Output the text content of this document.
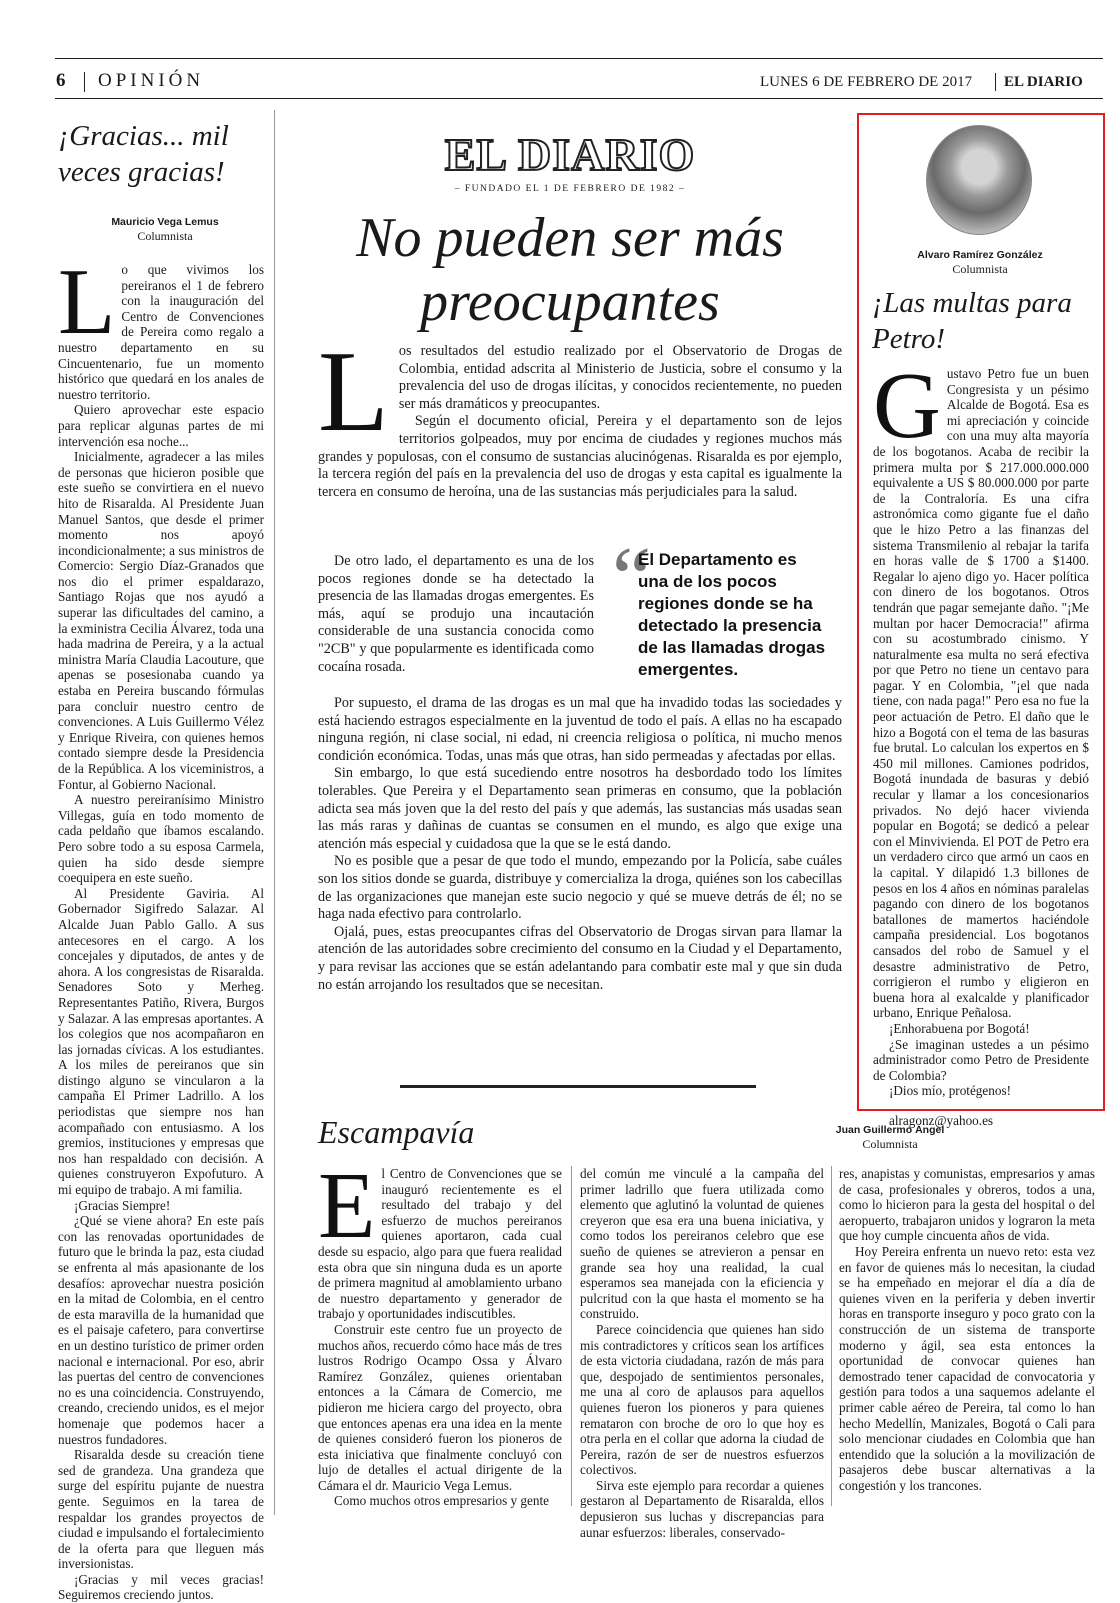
6 OPINIÓN	LUNES 6 DE FEBRERO DE 2017 EL DIARIO
¡Gracias... mil veces gracias!
Mauricio Vega Lemus
Columnista
L o que vivimos los pereiranos el 1 de febrero con la inauguración del Centro de Convenciones de Pereira como regalo a nuestro departamento en su Cincuentenario, fue un momento histórico que quedará en los anales de nuestro territorio.

Quiero aprovechar este espacio para replicar algunas partes de mi intervención esa noche...

Inicialmente, agradecer a las miles de personas que hicieron posible que este sueño se convirtiera en el nuevo hito de Risaralda. Al Presidente Juan Manuel Santos, que desde el primer momento nos apoyó incondicionalmente; a sus ministros de Comercio: Sergio Díaz-Granados que nos dio el primer espaldarazo, Santiago Rojas que nos ayudó a superar las dificultades del camino, a la exministra Cecilia Álvarez, toda una hada madrina de Pereira, y a la actual ministra María Claudia Lacouture, que apenas se posesionaba cuando ya estaba en Pereira buscando fórmulas para concluir nuestro centro de convenciones. A Luis Guillermo Vélez y Enrique Riveira, con quienes hemos contado siempre desde la Presidencia de la República. A los viceministros, a Fontur, al Gobierno Nacional.

A nuestro pereiranísimo Ministro Villegas, guía en todo momento de cada peldaño que íbamos escalando. Pero sobre todo a su esposa Carmela, quien ha sido desde siempre coequipera en este sueño.

Al Presidente Gaviria. Al Gobernador Sigifredo Salazar. Al Alcalde Juan Pablo Gallo. A sus antecesores en el cargo. A los concejales y diputados, de antes y de ahora. A los congresistas de Risaralda. Senadores Soto y Merheg. Representantes Patiño, Rivera, Burgos y Salazar. A las empresas aportantes. A los colegios que nos acompañaron en las jornadas cívicas. A los estudiantes. A los miles de pereiranos que sin distingo alguno se vincularon a la campaña El Primer Ladrillo. A los periodistas que siempre nos han acompañado con entusiasmo. A los gremios, instituciones y empresas que nos han respaldado con decisión. A quienes construyeron Expofuturo. A mi equipo de trabajo. A mi familia.

¡Gracias Siempre!

¿Qué se viene ahora? En este país con las renovadas oportunidades de futuro que le brinda la paz, esta ciudad se enfrenta al más apasionante de los desafíos: aprovechar nuestra posición en la mitad de Colombia, en el centro de esta maravilla de la humanidad que es el paisaje cafetero, para convertirse en un destino turístico de primer orden nacional e internacional. Por eso, abrir las puertas del centro de convenciones no es una coincidencia. Construyendo, creando, creciendo unidos, es el mejor homenaje que podemos hacer a nuestros fundadores.

Risaralda desde su creación tiene sed de grandeza. Una grandeza que surge del espíritu pujante de nuestra gente. Seguimos en la tarea de respaldar los grandes proyectos de ciudad e impulsando el fortalecimiento de la oferta para que lleguen más inversionistas.

¡Gracias y mil veces gracias! Seguiremos creciendo juntos.

EL DIARIO
– FUNDADO EL 1 DE FEBRERO DE 1982 –
No pueden ser más
preocupantes
L os resultados del estudio realizado por el Observatorio de Drogas de Colombia, entidad adscrita al Ministerio de Justicia, sobre el consumo y la prevalencia del uso de drogas ilícitas, y conocidos recientemente, no pueden ser más dramáticos y preocupantes.

Según el documento oficial, Pereira y el departamento son de lejos territorios golpeados, muy por encima de ciudades y regiones muchos más grandes y populosas, con el consumo de sustancias alucinógenas. Risaralda es por ejemplo, la tercera región del país en la prevalencia del uso de drogas y esta capital es igualmente la tercera en consumo de heroína, una de las sustancias más perjudiciales para la salud.

De otro lado, el departamento es una de los pocos regiones donde se ha detectado la presencia de las llamadas drogas emergentes. Es más, aquí se produjo una incautación considerable de una sustancia conocida como "2CB" y que popularmente es identificada como cocaína rosada.

“
El Departamento es una de los pocos regiones donde se ha detectado la presencia de las llamadas drogas emergentes.

Por supuesto, el drama de las drogas es un mal que ha invadido todas las sociedades y está haciendo estragos especialmente en la juventud de todo el país. A ellas no ha escapado ninguna región, ni clase social, ni edad, ni creencia religiosa o política, ni mucho menos condición económica. Todas, unas más que otras, han sido permeadas y afectadas por ellas.

Sin embargo, lo que está sucediendo entre nosotros ha desbordado todo los límites tolerables. Que Pereira y el Departamento sean primeras en consumo, que la población adicta sea más joven que la del resto del país y que además, las sustancias más usadas sean las más raras y dañinas de cuantas se consumen en el mundo, es algo que exige una atención más especial y cuidadosa que la que se le está dando.

No es posible que a pesar de que todo el mundo, empezando por la Policía, sabe cuáles son los sitios donde se guarda, distribuye y comercializa la droga, quiénes son los cabecillas de las organizaciones que manejan este sucio negocio y qué se mueve detrás de él; no se haga nada efectivo para controlarlo.

Ojalá, pues, estas preocupantes cifras del Observatorio de Drogas sirvan para llamar la atención de las autoridades sobre crecimiento del consumo en la Ciudad y el Departamento, y para revisar las acciones que se están adelantando para combatir este mal y que sin duda no están arrojando los resultados que se necesitan.

Alvaro Ramírez González
Columnista
¡Las multas para Petro!
G ustavo Petro fue un buen Congresista y un pésimo Alcalde de Bogotá. Esa es mi apreciación y coincide con una muy alta mayoría de los bogotanos. Acaba de recibir la primera multa por $ 217.000.000.000 equivalente a US $ 80.000.000 por parte de la Contraloría. Es una cifra astronómica como gigante fue el daño que le hizo Petro a las finanzas del sistema Transmilenio al rebajar la tarifa en horas valle de $ 1700 a $1400. Regalar lo ajeno digo yo. Hacer política con dinero de los bogotanos. Otros tendrán que pagar semejante daño. "¡Me multan por hacer Democracia!" afirma con su acostumbrado cinismo. Y naturalmente esa multa no será efectiva por que Petro no tiene un centavo para pagar. Y en Colombia, "¡el que nada tiene, con nada paga!" Pero esa no fue la peor actuación de Petro. El daño que le hizo a Bogotá con el tema de las basuras fue brutal. Lo calculan los expertos en $ 450 mil millones. Camiones podridos, Bogotá inundada de basuras y debió recular y llamar a los concesionarios privados. No dejó hacer vivienda popular en Bogotá; se dedicó a pelear con el Minvivienda. El POT de Petro era un verdadero circo que armó un caos en la capital. Y dilapidó 1.3 billones de pesos en los 4 años en nóminas paralelas pagando con dinero de los bogotanos batallones de mamertos haciéndole campaña presidencial. Los bogotanos cansados del robo de Samuel y el desastre administrativo de Petro, corrigieron el rumbo y eligieron en buena hora al exalcalde y planificador urbano, Enrique Peñalosa.

¡Enhorabuena por Bogotá!

¿Se imaginan ustedes a un pésimo administrador como Petro de Presidente de Colombia?

¡Dios mío, protégenos!

alragonz@yahoo.es

Escampavía	Juan Guillermo Ángel
Columnista
E l Centro de Convenciones que se inauguró recientemente es el resultado del trabajo y del esfuerzo de muchos pereiranos quienes aportaron, cada cual desde su espacio, algo para que fuera realidad esta obra que sin ninguna duda es un aporte de primera magnitud al amoblamiento urbano de nuestro departamento y generador de trabajo y oportunidades indiscutibles.

Construir este centro fue un proyecto de muchos años, recuerdo cómo hace más de tres lustros Rodrigo Ocampo Ossa y Álvaro Ramírez González, quienes orientaban entonces a la Cámara de Comercio, me pidieron me hiciera cargo del proyecto, obra que entonces apenas era una idea en la mente de quienes consideró fueron los pioneros de esta iniciativa que finalmente concluyó con lujo de detalles el actual dirigente de la Cámara el dr. Mauricio Vega Lemus.

Como muchos otros empresarios y gente

del común me vinculé a la campaña del primer ladrillo que fuera utilizada como elemento que aglutinó la voluntad de quienes creyeron que esa era una buena iniciativa, y como todos los pereiranos celebro que ese sueño de quienes se atrevieron a pensar en grande sea hoy una realidad, la cual esperamos sea manejada con la eficiencia y pulcritud con la que hasta el momento se ha construido.

Parece coincidencia que quienes han sido mis contradictores y críticos sean los artífices de esta victoria ciudadana, razón de más para que, despojado de sentimientos personales, me una al coro de aplausos para aquellos quienes fueron los pioneros y para quienes remataron con broche de oro lo que hoy es otra perla en el collar que adorna la ciudad de Pereira, razón de ser de nuestros esfuerzos colectivos.

Sirva este ejemplo para recordar a quienes gestaron al Departamento de Risaralda, ellos depusieron sus luchas y discrepancias para aunar esfuerzos: liberales, conservado-

res, anapistas y comunistas, empresarios y amas de casa, profesionales y obreros, todos a una, como lo hicieron para la gesta del hospital o del aeropuerto, trabajaron unidos y lograron la meta que hoy cumple cincuenta años de vida.

Hoy Pereira enfrenta un nuevo reto: esta vez en favor de quienes más lo necesitan, la ciudad se ha empeñado en mejorar el día a día de quienes viven en la periferia y deben invertir horas en transporte inseguro y poco grato con la construcción de un sistema de transporte moderno y ágil, sea esta entonces la oportunidad de convocar quienes han demostrado tener capacidad de convocatoria y gestión para todos a una saquemos adelante el primer cable aéreo de Pereira, tal como lo han hecho Medellín, Manizales, Bogotá o Cali para solo mencionar ciudades en Colombia que han entendido que la solución a la movilización de pasajeros debe buscar alternativas a la congestión y los trancones.
